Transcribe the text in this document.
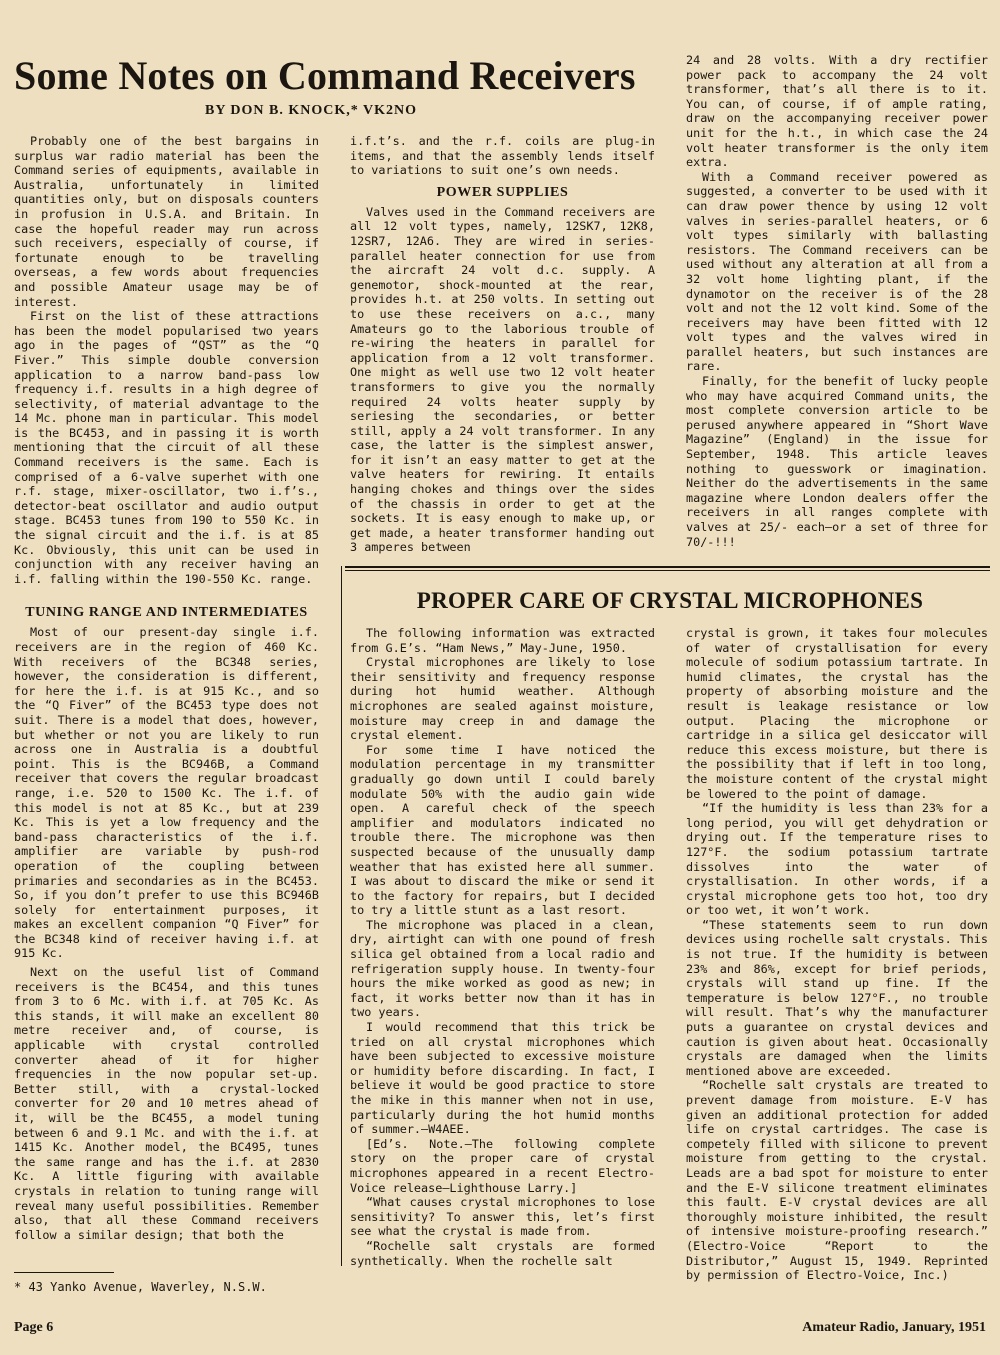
Some Notes on Command Receivers
BY DON B. KNOCK,* VK2NO

Probably one of the best bargains in surplus war radio material has been the Command series of equipments, available in Australia, unfortunately in limited quantities only, but on disposals counters in profusion in U.S.A. and Britain. In case the hopeful reader may run across such receivers, especially of course, if fortunate enough to be travelling overseas, a few words about frequencies and possible Amateur usage may be of interest.

First on the list of these attractions has been the model popularised two years ago in the pages of “QST” as the “Q Fiver.” This simple double conversion application to a narrow band-pass low frequency i.f. results in a high degree of selectivity, of material advantage to the 14 Mc. phone man in particular. This model is the BC453, and in passing it is worth mentioning that the circuit of all these Command receivers is the same. Each is comprised of a 6-valve superhet with one r.f. stage, mixer-oscillator, two i.f’s., detector-beat oscillator and audio output stage. BC453 tunes from 190 to 550 Kc. in the signal circuit and the i.f. is at 85 Kc. Obviously, this unit can be used in conjunction with any receiver having an i.f. falling within the 190-550 Kc. range.

TUNING RANGE AND INTERMEDIATES

Most of our present-day single i.f. receivers are in the region of 460 Kc. With receivers of the BC348 series, however, the consideration is different, for here the i.f. is at 915 Kc., and so the “Q Fiver” of the BC453 type does not suit. There is a model that does, however, but whether or not you are likely to run across one in Australia is a doubtful point. This is the BC946B, a Command receiver that covers the regular broadcast range, i.e. 520 to 1500 Kc. The i.f. of this model is not at 85 Kc., but at 239 Kc. This is yet a low frequency and the band-pass characteristics of the i.f. amplifier are variable by push-rod operation of the coupling between primaries and secondaries as in the BC453. So, if you don’t prefer to use this BC946B solely for entertainment purposes, it makes an excellent companion “Q Fiver” for the BC348 kind of receiver having i.f. at 915 Kc.

Next on the useful list of Command receivers is the BC454, and this tunes from 3 to 6 Mc. with i.f. at 705 Kc. As this stands, it will make an excellent 80 metre receiver and, of course, is applicable with crystal controlled converter ahead of it for higher frequencies in the now popular set-up. Better still, with a crystal-locked converter for 20 and 10 metres ahead of it, will be the BC455, a model tuning between 6 and 9.1 Mc. and with the i.f. at 1415 Kc. Another model, the BC495, tunes the same range and has the i.f. at 2830 Kc. A little figuring with available crystals in relation to tuning range will reveal many useful possibilities. Remember also, that all these Command receivers follow a similar design; that both the

i.f.t’s. and the r.f. coils are plug-in items, and that the assembly lends itself to variations to suit one’s own needs.

POWER SUPPLIES

Valves used in the Command receivers are all 12 volt types, namely, 12SK7, 12K8, 12SR7, 12A6. They are wired in series-parallel heater connection for use from the aircraft 24 volt d.c. supply. A genemotor, shock-mounted at the rear, provides h.t. at 250 volts. In setting out to use these receivers on a.c., many Amateurs go to the laborious trouble of re-wiring the heaters in parallel for application from a 12 volt transformer. One might as well use two 12 volt heater transformers to give you the normally required 24 volts heater supply by seriesing the secondaries, or better still, apply a 24 volt transformer. In any case, the latter is the simplest answer, for it isn’t an easy matter to get at the valve heaters for rewiring. It entails hanging chokes and things over the sides of the chassis in order to get at the sockets. It is easy enough to make up, or get made, a heater transformer handing out 3 amperes between

24 and 28 volts. With a dry rectifier power pack to accompany the 24 volt transformer, that’s all there is to it. You can, of course, if of ample rating, draw on the accompanying receiver power unit for the h.t., in which case the 24 volt heater transformer is the only item extra.

With a Command receiver powered as suggested, a converter to be used with it can draw power thence by using 12 volt valves in series-parallel heaters, or 6 volt types similarly with ballasting resistors. The Command receivers can be used without any alteration at all from a 32 volt home lighting plant, if the dynamotor on the receiver is of the 28 volt and not the 12 volt kind. Some of the receivers may have been fitted with 12 volt types and the valves wired in parallel heaters, but such instances are rare.

Finally, for the benefit of lucky people who may have acquired Command units, the most complete conversion article to be perused anywhere appeared in “Short Wave Magazine” (England) in the issue for September, 1948. This article leaves nothing to guesswork or imagination. Neither do the advertisements in the same magazine where London dealers offer the receivers in all ranges complete with valves at 25/- each—or a set of three for 70/-!!!

PROPER CARE OF CRYSTAL MICROPHONES

The following information was extracted from G.E’s. “Ham News,” May-June, 1950.

Crystal microphones are likely to lose their sensitivity and frequency response during hot humid weather. Although microphones are sealed against moisture, moisture may creep in and damage the crystal element.

For some time I have noticed the modulation percentage in my transmitter gradually go down until I could barely modulate 50% with the audio gain wide open. A careful check of the speech amplifier and modulators indicated no trouble there. The microphone was then suspected because of the unusually damp weather that has existed here all summer. I was about to discard the mike or send it to the factory for repairs, but I decided to try a little stunt as a last resort.

The microphone was placed in a clean, dry, airtight can with one pound of fresh silica gel obtained from a local radio and refrigeration supply house. In twenty-four hours the mike worked as good as new; in fact, it works better now than it has in two years.

I would recommend that this trick be tried on all crystal microphones which have been subjected to excessive moisture or humidity before discarding. In fact, I believe it would be good practice to store the mike in this manner when not in use, particularly during the hot humid months of summer.—W4AEE.

[Ed’s. Note.—The following complete story on the proper care of crystal microphones appeared in a recent Electro-Voice release—Lighthouse Larry.]

“What causes crystal microphones to lose sensitivity? To answer this, let’s first see what the crystal is made from.

“Rochelle salt crystals are formed synthetically. When the rochelle salt

crystal is grown, it takes four molecules of water of crystallisation for every molecule of sodium potassium tartrate. In humid climates, the crystal has the property of absorbing moisture and the result is leakage resistance or low output. Placing the microphone or cartridge in a silica gel desiccator will reduce this excess moisture, but there is the possibility that if left in too long, the moisture content of the crystal might be lowered to the point of damage.

“If the humidity is less than 23% for a long period, you will get dehydration or drying out. If the temperature rises to 127°F. the sodium potassium tartrate dissolves into the water of crystallisation. In other words, if a crystal microphone gets too hot, too dry or too wet, it won’t work.

“These statements seem to run down devices using rochelle salt crystals. This is not true. If the humidity is between 23% and 86%, except for brief periods, crystals will stand up fine. If the temperature is below 127°F., no trouble will result. That’s why the manufacturer puts a guarantee on crystal devices and caution is given about heat. Occasionally crystals are damaged when the limits mentioned above are exceeded.

“Rochelle salt crystals are treated to prevent damage from moisture. E-V has given an additional protection for added life on crystal cartridges. The case is competely filled with silicone to prevent moisture from getting to the crystal. Leads are a bad spot for moisture to enter and the E-V silicone treatment eliminates this fault. E-V crystal devices are all thoroughly moisture inhibited, the result of intensive moisture-proofing research.” (Electro-Voice “Report to the Distributor,” August 15, 1949. Reprinted by permission of Electro-Voice, Inc.)

* 43 Yanko Avenue, Waverley, N.S.W.
Page 6	Amateur Radio, January, 1951
